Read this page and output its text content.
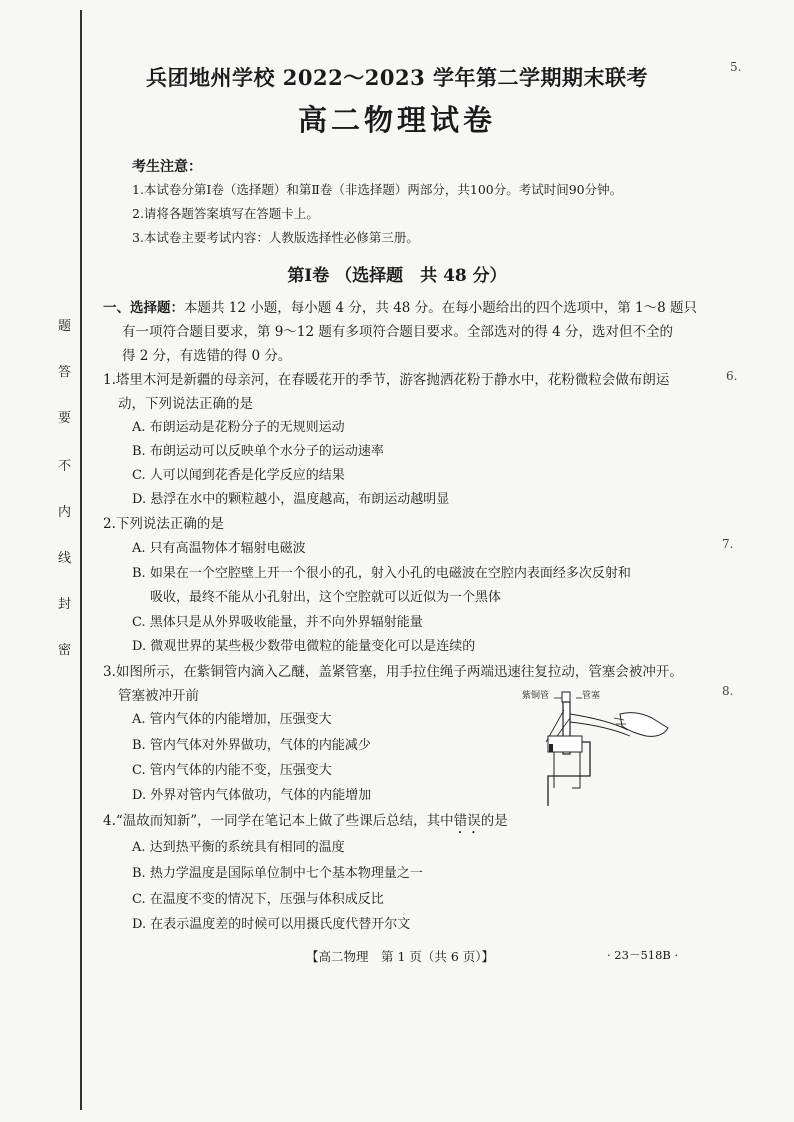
题
答
要
不
内
线
封
密
兵团地州学校 2022～2023 学年第二学期期末联考
高二物理试卷
考生注意：
1.本试卷分第Ⅰ卷（选择题）和第Ⅱ卷（非选择题）两部分，共100分。考试时间90分钟。
2.请将各题答案填写在答题卡上。
3.本试卷主要考试内容：人教版选择性必修第三册。
第Ⅰ卷 （选择题　共 48 分）
一、选择题：本题共 12 小题，每小题 4 分，共 48 分。在每小题给出的四个选项中，第 1～8 题只
有一项符合题目要求，第 9～12 题有多项符合题目要求。全部选对的得 4 分，选对但不全的
得 2 分，有选错的得 0 分。
1.塔里木河是新疆的母亲河，在春暖花开的季节，游客抛洒花粉于静水中，花粉微粒会做布朗运
动，下列说法正确的是
A. 布朗运动是花粉分子的无规则运动
B. 布朗运动可以反映单个水分子的运动速率
C. 人可以闻到花香是化学反应的结果
D. 悬浮在水中的颗粒越小，温度越高，布朗运动越明显
2.下列说法正确的是
A. 只有高温物体才辐射电磁波
B. 如果在一个空腔壁上开一个很小的孔，射入小孔的电磁波在空腔内表面经多次反射和
吸收，最终不能从小孔射出，这个空腔就可以近似为一个黑体
C. 黑体只是从外界吸收能量，并不向外界辐射能量
D. 微观世界的某些极少数带电微粒的能量变化可以是连续的
3.如图所示，在紫铜管内滴入乙醚，盖紧管塞，用手拉住绳子两端迅速往复拉动，管塞会被冲开。
管塞被冲开前
A. 管内气体的内能增加，压强变大
B. 管内气体对外界做功，气体的内能减少
C. 管内气体的内能不变，压强变大
D. 外界对管内气体做功，气体的内能增加
紫铜管	管塞
4.“温故而知新”，一同学在笔记本上做了些课后总结，其中错误的是
A. 达到热平衡的系统具有相同的温度
B. 热力学温度是国际单位制中七个基本物理量之一
C. 在温度不变的情况下，压强与体积成反比
D. 在表示温度差的时候可以用摄氏度代替开尔文
【高二物理　第 1 页（共 6 页）】	· 23－518B ·
5.
6.
7.
8.
